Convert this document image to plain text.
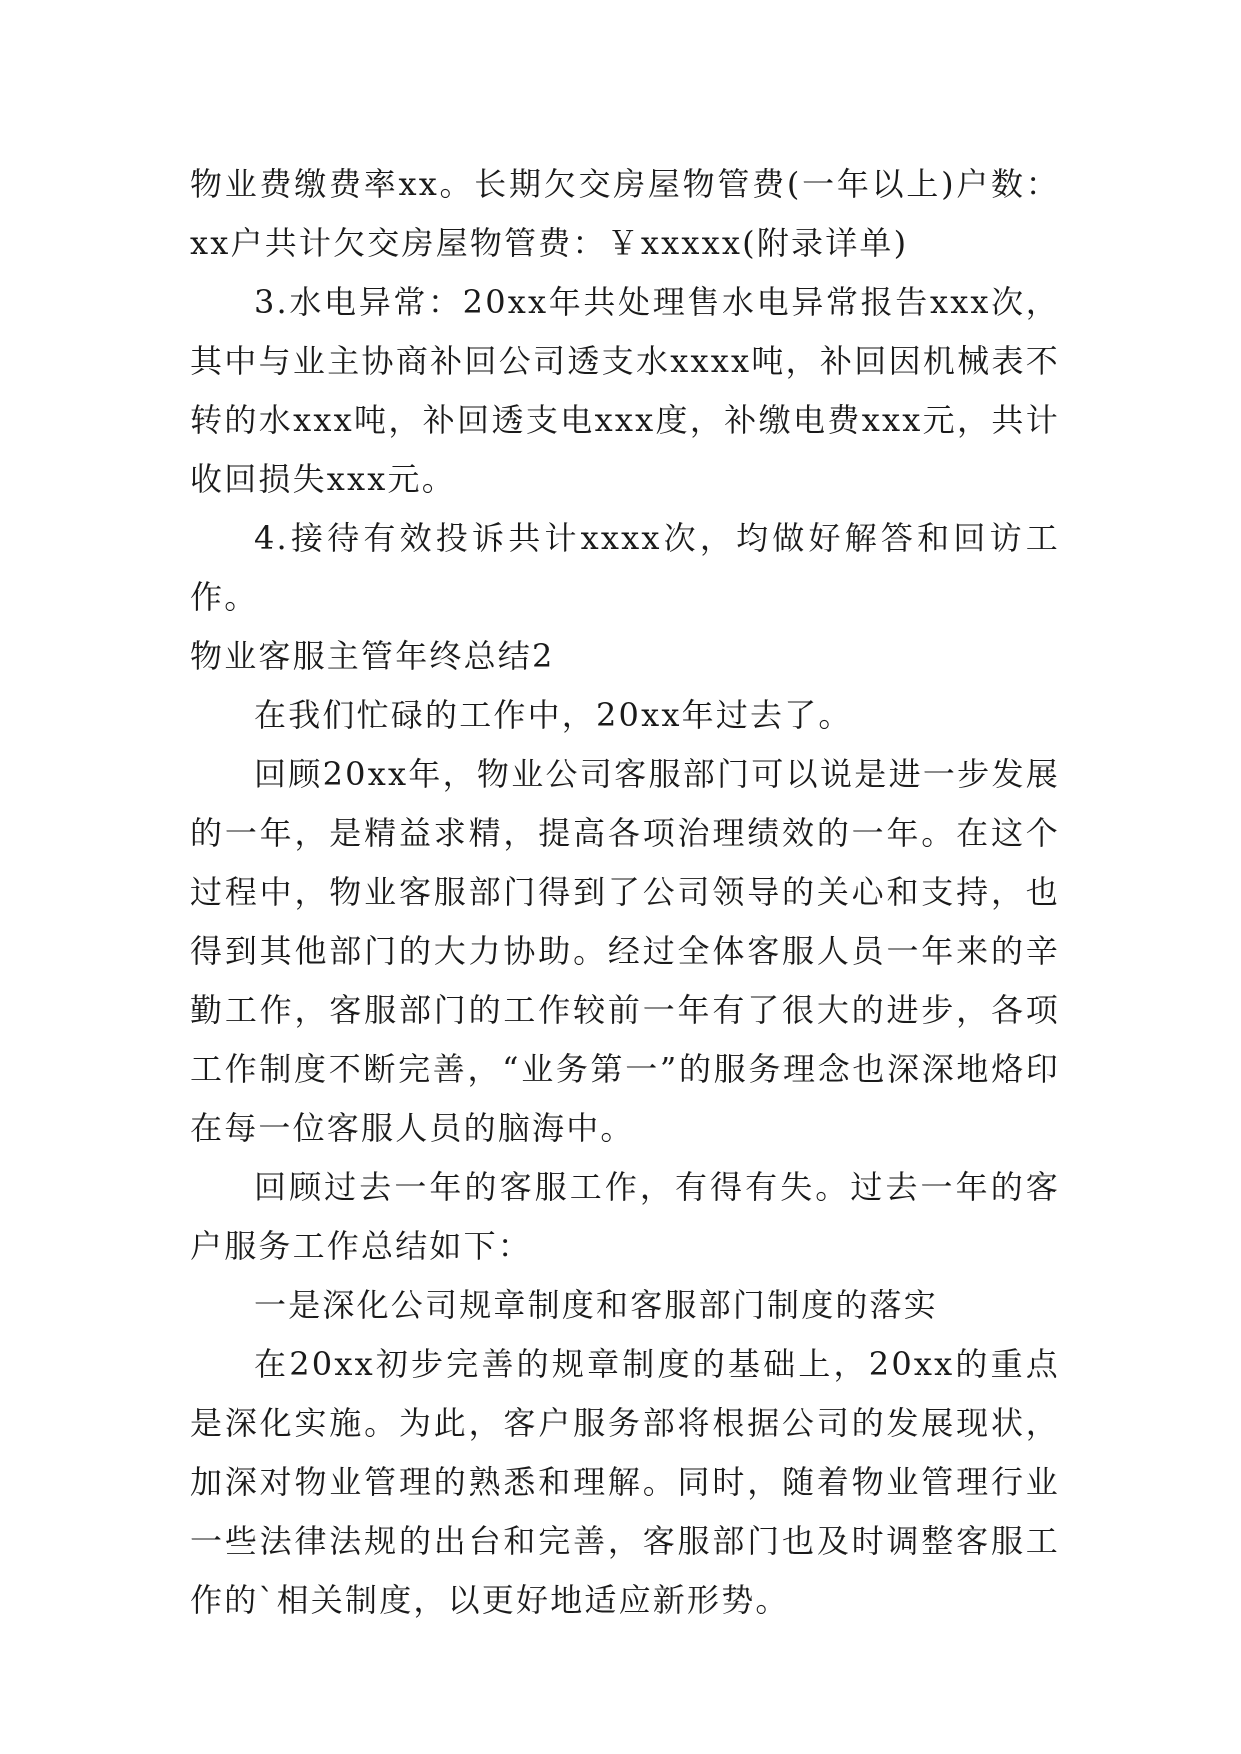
物业费缴费率xx。长期欠交房屋物管费(一年以上)户数：xx户共计欠交房屋物管费：￥xxxxx(附录详单)

3.水电异常：20xx年共处理售水电异常报告xxx次，其中与业主协商补回公司透支水xxxx吨，补回因机械表不转的水xxx吨，补回透支电xxx度，补缴电费xxx元，共计收回损失xxx元。

4.接待有效投诉共计xxxx次，均做好解答和回访工作。

物业客服主管年终总结2

在我们忙碌的工作中，20xx年过去了。

回顾20xx年，物业公司客服部门可以说是进一步发展的一年，是精益求精，提高各项治理绩效的一年。在这个过程中，物业客服部门得到了公司领导的关心和支持，也得到其他部门的大力协助。经过全体客服人员一年来的辛勤工作，客服部门的工作较前一年有了很大的进步，各项工作制度不断完善，“业务第一”的服务理念也深深地烙印在每一位客服人员的脑海中。

回顾过去一年的客服工作，有得有失。过去一年的客户服务工作总结如下：

一是深化公司规章制度和客服部门制度的落实

在20xx初步完善的规章制度的基础上，20xx的重点是深化实施。为此，客户服务部将根据公司的发展现状，加深对物业管理的熟悉和理解。同时，随着物业管理行业一些法律法规的出台和完善，客服部门也及时调整客服工作的`相关制度，以更好地适应新形势。
